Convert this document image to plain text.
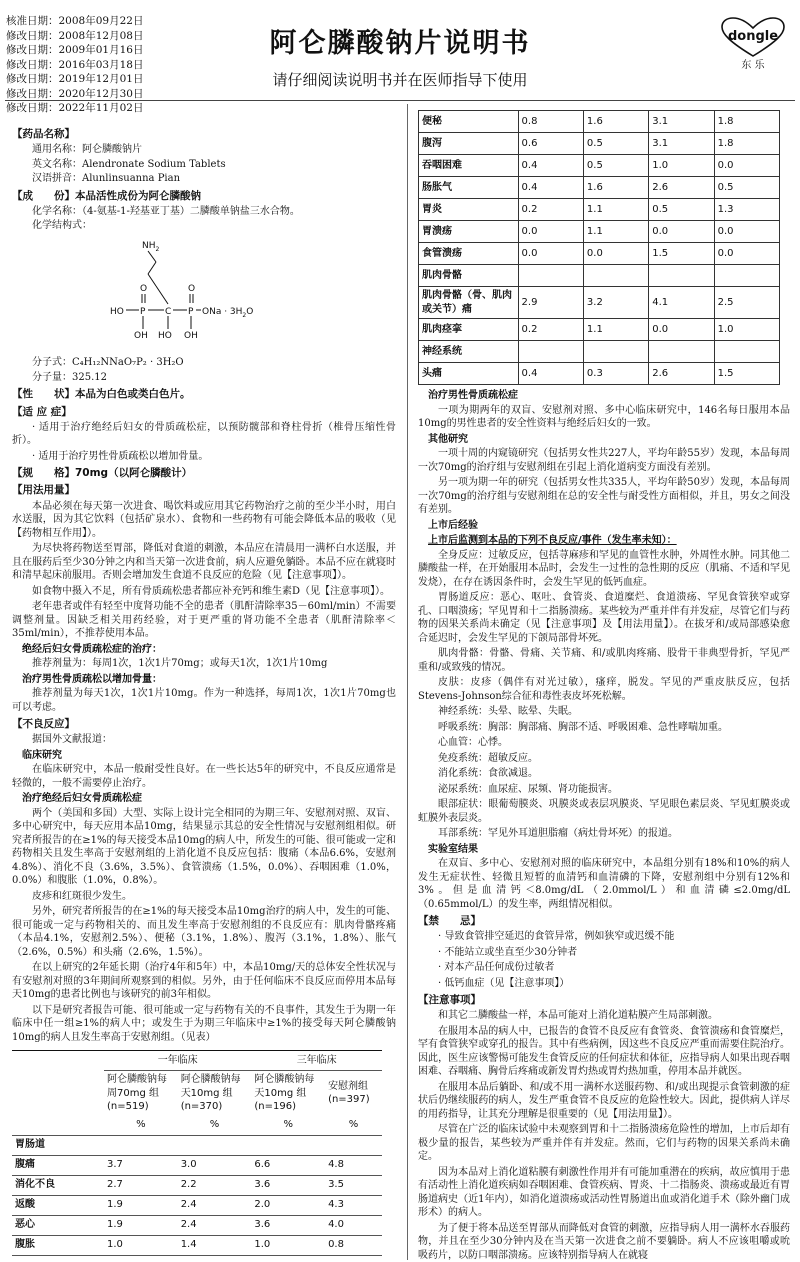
核准日期：2008年09月22日
修改日期：2008年12月08日
修改日期：2009年01月16日
修改日期：2016年03月18日
修改日期：2019年12月01日
修改日期：2020年12月30日
修改日期：2022年11月02日
阿仑膦酸钠片说明书
请仔细阅读说明书并在医师指导下使用
dongle
东 乐
【药品名称】

通用名称：阿仑膦酸钠片

英文名称：Alendronate Sodium Tablets

汉语拼音：Alunlinsuanna Pian

【成　　份】本品活性成份为阿仑膦酸钠

化学名称：（4-氨基-1-羟基亚丁基）二膦酸单钠盐三水合物。

化学结构式：

$NH_2$
P	P
C
HO
OH HO OH
O	O
ONa · $3H_2O$

分子式：C₄H₁₂NNaO₇P₂ · 3H₂O

分子量：325.12

【性　　状】本品为白色或类白色片。
【适 应 症】

· 适用于治疗绝经后妇女的骨质疏松症，以预防髋部和脊柱骨折（椎骨压缩性骨折）。

· 适用于治疗男性骨质疏松以增加骨量。

【规　　格】70mg（以阿仑膦酸计）
【用法用量】

本品必须在每天第一次进食、喝饮料或应用其它药物治疗之前的至少半小时，用白水送服，因为其它饮料（包括矿泉水）、食物和一些药物有可能会降低本品的吸收（见【药物相互作用】）。

为尽快将药物送至胃部，降低对食道的刺激，本品应在清晨用一满杯白水送服，并且在服药后至少30分钟之内和当天第一次进食前，病人应避免躺卧。本品不应在就寝时和清早起床前服用。否则会增加发生食道不良反应的危险（见【注意事项】）。

如食物中摄入不足，所有骨质疏松患者都应补充钙和维生素D（见【注意事项】）。

老年患者或伴有轻至中度肾功能不全的患者（肌酐清除率35－60ml/min）不需要调整剂量。因缺乏相关用药经验，对于更严重的肾功能不全患者（肌酐清除率＜35ml/min），不推荐使用本品。

绝经后妇女骨质疏松症的治疗：

推荐剂量为：每周1次，1次1片70mg；或每天1次，1次1片10mg

治疗男性骨质疏松以增加骨量：

推荐剂量为每天1次，1次1片10mg。作为一种选择，每周1次，1次1片70mg也可以考虑。

【不良反应】

据国外文献报道：

临床研究

在临床研究中，本品一般耐受性良好。在一些长达5年的研究中，不良反应通常是轻微的，一般不需要停止治疗。

治疗绝经后妇女骨质疏松症

两个（美国和多国）大型、实际上设计完全相同的为期三年、安慰剂对照、双盲、多中心研究中，每天应用本品10mg，结果显示其总的安全性情况与安慰剂组相似。研究者所报告的在≥1%的每天接受本品10mg的病人中，所发生的可能、很可能或一定和药物相关且发生率高于安慰剂组的上消化道不良反应包括：腹痛（本品6.6%，安慰剂4.8%）、消化不良（3.6%，3.5%）、食管溃疡（1.5%，0.0%）、吞咽困难（1.0%，0.0%）和腹胀（1.0%，0.8%）。

皮疹和红斑很少发生。

另外，研究者所报告的在≥1%的每天接受本品10mg治疗的病人中，发生的可能、很可能或一定与药物相关的、而且发生率高于安慰剂组的不良反应有：肌肉骨骼疼痛（本品4.1%，安慰剂2.5%）、便秘（3.1%，1.8%）、腹泻（3.1%，1.8%）、胀气（2.6%，0.5%）和头痛（2.6%，1.5%）。

在以上研究的2年延长期（治疗4年和5年）中，本品10mg/天的总体安全性状况与有安慰剂对照的3年期间所观察到的相似。另外，由于任何临床不良反应而停用本品每天10mg的患者比例也与该研究的前3年相似。

以下是研究者报告可能、很可能或一定与药物有关的不良事件，其发生于为期一年临床中任一组≥1%的病人中；或发生于为期三年临床中≥1%的接受每天阿仑膦酸钠10mg的病人且发生率高于安慰剂组。（见表）

	一年临床		三年临床	
	阿仑膦酸钠每周70mg 组(n=519)	阿仑膦酸钠每天10mg 组(n=370)	阿仑膦酸钠每天10mg 组(n=196)	安慰剂组(n=397)
	%	%	%	%
胃肠道				
腹痛	3.7	3.0	6.6	4.8
消化不良	2.7	2.2	3.6	3.5
返酸	1.9	2.4	2.0	4.3
恶心	1.9	2.4	3.6	4.0
腹胀	1.0	1.4	1.0	0.8
便秘	0.8	1.6	3.1	1.8
腹泻	0.6	0.5	3.1	1.8
吞咽困难	0.4	0.5	1.0	0.0
肠胀气	0.4	1.6	2.6	0.5
胃炎	0.2	1.1	0.5	1.3
胃溃疡	0.0	1.1	0.0	0.0
食管溃疡	0.0	0.0	1.5	0.0
肌肉骨骼				
肌肉骨骼（骨、肌肉或关节）痛	2.9	3.2	4.1	2.5
肌肉痉挛	0.2	1.1	0.0	1.0
神经系统				
头痛	0.4	0.3	2.6	1.5
治疗男性骨质疏松症

一项为期两年的双盲、安慰剂对照、多中心临床研究中，146名每日服用本品10mg的男性患者的安全性资料与绝经后妇女的一致。

其他研究

一项十周的内窥镜研究（包括男女性共227人，平均年龄55岁）发现，本品每周一次70mg的治疗组与安慰剂组在引起上消化道病变方面没有差别。

另一项为期一年的研究（包括男女性共335人，平均年龄50岁）发现，本品每周一次70mg的治疗组与安慰剂组在总的安全性与耐受性方面相似，并且，男女之间没有差别。

上市后经验
上市后监测到本品的下列不良反应/事件（发生率未知）：

全身反应：过敏反应，包括荨麻疹和罕见的血管性水肿，外周性水肿。同其他二膦酸盐一样，在开始服用本品时，会发生一过性的急性期的反应（肌痛、不适和罕见发烧），在存在诱因条件时，会发生罕见的低钙血症。

胃肠道反应：恶心、呕吐、食管炎、食道糜烂、食道溃疡、罕见食管狭窄或穿孔、口咽溃疡；罕见胃和十二指肠溃疡。某些较为严重并伴有并发症，尽管它们与药物的因果关系尚未确定（见【注意事项】及【用法用量】）。在拔牙和/或局部感染愈合延迟时，会发生罕见的下颌局部骨坏死。

肌肉骨骼：骨骼、骨痛、关节痛、和/或肌肉疼痛、股骨干非典型骨折，罕见严重和/或致残的情况。

皮肤：皮疹（偶伴有对光过敏），瘙痒，脱发。罕见的严重皮肤反应，包括Stevens-Johnson综合征和毒性表皮坏死松解。

神经系统：头晕、眩晕、失眠。

呼吸系统：胸部：胸部痛、胸部不适、呼吸困难、急性哮喘加重。

心血管：心悸。

免疫系统：超敏反应。

消化系统：食欲减退。

泌尿系统：血尿症、尿频、肾功能损害。

眼部症状：眼葡萄膜炎、巩膜炎或表层巩膜炎、罕见眼色素层炎、罕见虹膜炎或虹膜外表层炎。

耳部系统：罕见外耳道胆脂瘤（病灶骨坏死）的报道。

实验室结果

在双盲、多中心、安慰剂对照的临床研究中，本品组分别有18%和10%的病人发生无症状性、轻微且短暂的血清钙和血清磷的下降，安慰剂组中分别有12%和3%。但是血清钙＜8.0mg/dL（2.0mmol/L）和血清磷≤2.0mg/dL（0.65mmol/L）的发生率，两组情况相似。

【禁　　忌】

· 导致食管排空延迟的食管异常，例如狭窄或迟缓不能

· 不能站立或坐直至少30分钟者

· 对本产品任何成份过敏者

· 低钙血症（见【注意事项】）

【注意事项】

和其它二膦酸盐一样，本品可能对上消化道粘膜产生局部刺激。

在服用本品的病人中，已报告的食管不良反应有食管炎、食管溃疡和食管糜烂，罕有食管狭窄或穿孔的报告。其中有些病例，因这些不良反应严重而需要住院治疗。因此，医生应该警惕可能发生食管反应的任何症状和体征，应指导病人如果出现吞咽困难、吞咽痛、胸骨后疼痛或新发胃灼热或胃灼热加重，停用本品并就医。

在服用本品后躺卧、和/或不用一满杯水送服药物、和/或出现提示食管刺激的症状后仍继续服药的病人，发生严重食管不良反应的危险性较大。因此，提供病人详尽的用药指导，让其充分理解是很重要的（见【用法用量】）。

尽管在广泛的临床试验中未观察到胃和十二指肠溃疡危险性的增加，上市后却有极少量的报告，某些较为严重并伴有并发症。然而，它们与药物的因果关系尚未确定。

因为本品对上消化道粘膜有刺激性作用并有可能加重潜在的疾病，故应慎用于患有活动性上消化道疾病如吞咽困难、食管疾病、胃炎、十二指肠炎、溃疡或最近有胃肠道病史（近1年内），如消化道溃疡或活动性胃肠道出血或消化道手术（除外幽门成形术）的病人。

为了便于将本品送至胃部从而降低对食管的刺激，应指导病人用一满杯水吞服药物，并且在至少30分钟内及在当天第一次进食之前不要躺卧。病人不应该咀嚼或吮吸药片，以防口咽部溃疡。应该特别指导病人在就寝
